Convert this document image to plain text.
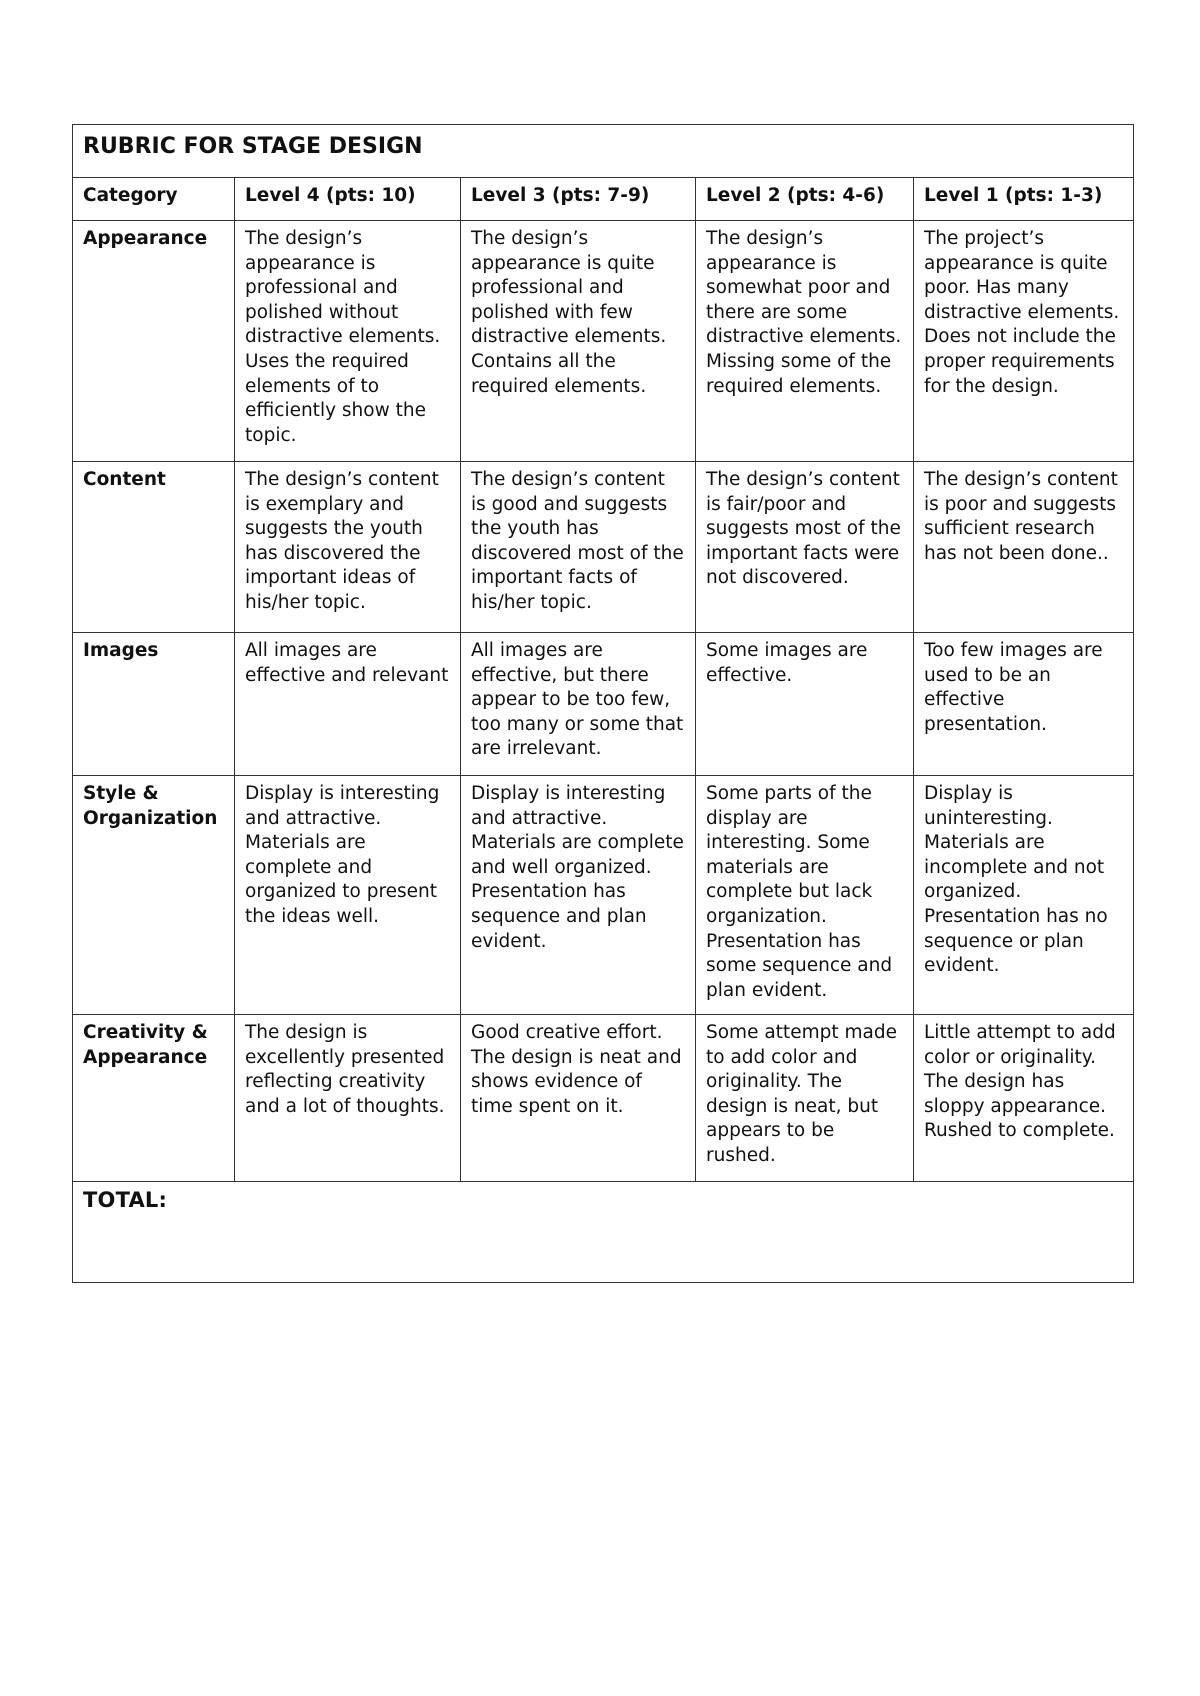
RUBRIC FOR STAGE DESIGN				

Category	Level 4 (pts: 10)	Level 3 (pts: 7-9)	Level 2 (pts: 4-6)	Level 1 (pts: 1-3)
Appearance	The design’s appearance is professional and polished without distractive elements. Uses the required elements of to efficiently show the topic.	The design’s appearance is quite professional and polished with few distractive elements. Contains all the required elements.	The design’s appearance is somewhat poor and there are some distractive elements. Missing some of the required elements.	The project’s appearance is quite poor. Has many distractive elements. Does not include the proper requirements for the design.
Content	The design’s content is exemplary and suggests the youth has discovered the important ideas of his/her topic.	The design’s content is good and suggests the youth has discovered most of the important facts of his/her topic.	The design’s content is fair/poor and suggests most of the important facts were not discovered.	The design’s content is poor and suggests sufficient research has not been done..
Images	All images are effective and relevant	All images are effective, but there appear to be too few, too many or some that are irrelevant.	Some images are effective.	Too few images are used to be an effective presentation.
Style & Organization	Display is interesting and attractive. Materials are complete and organized to present the ideas well.	Display is interesting and attractive. Materials are complete and well organized. Presentation has sequence and plan evident.	Some parts of the display are interesting. Some materials are complete but lack organization. Presentation has some sequence and plan evident.	Display is uninteresting. Materials are incomplete and not organized. Presentation has no sequence or plan evident.
Creativity & Appearance	The design is excellently presented reflecting creativity and a lot of thoughts.	Good creative effort. The design is neat and shows evidence of time spent on it.	Some attempt made to add color and originality. The design is neat, but appears to be rushed.	Little attempt to add color or originality. The design has sloppy appearance. Rushed to complete.
TOTAL:				
